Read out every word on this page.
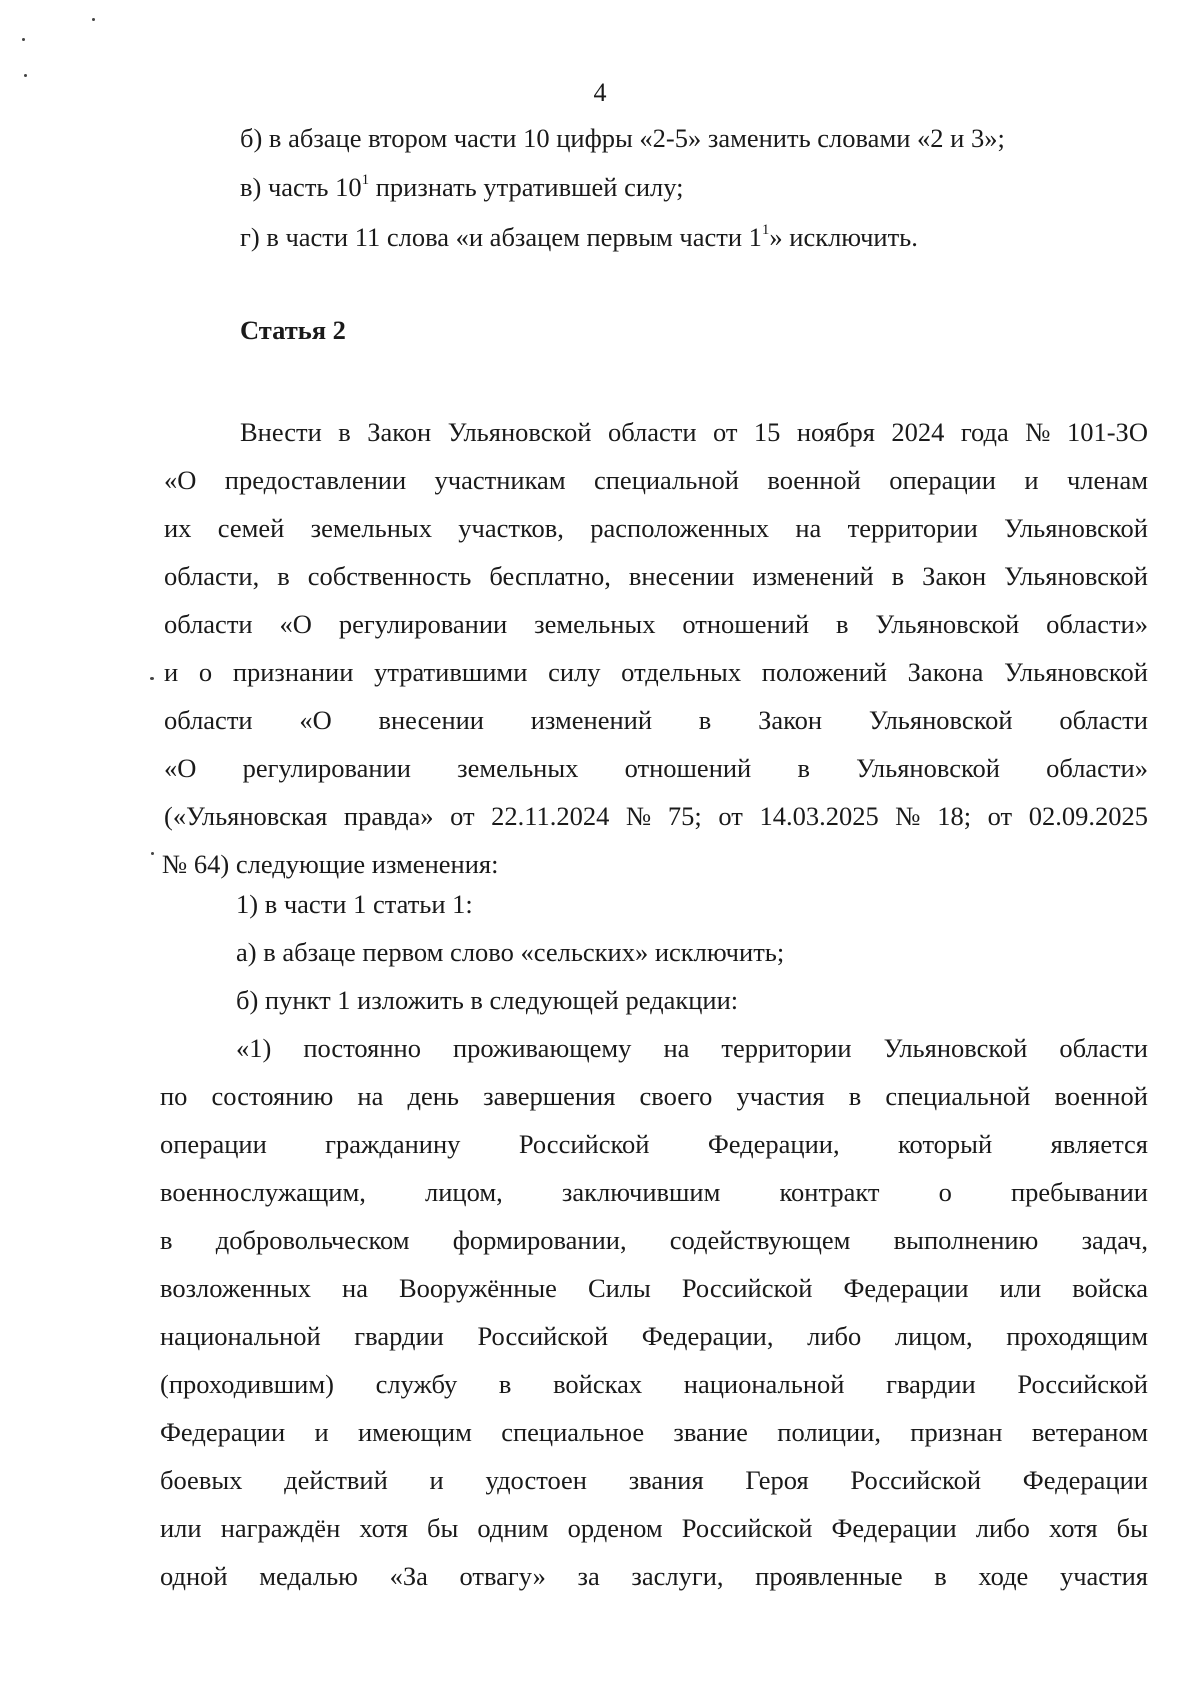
4
б) в абзаце втором части 10 цифры «2-5» заменить словами «2 и 3»;
в) часть $10^1$ признать утратившей силу;
г) в части 11 слова «и абзацем первым части $1^1$» исключить.
Статья 2
Внести в Закон Ульяновской области от 15 ноября 2024 года № 101-ЗО
«О предоставлении участникам специальной военной операции и членам
их семей земельных участков, расположенных на территории Ульяновской
области, в собственность бесплатно, внесении изменений в Закон Ульяновской
области «О регулировании земельных отношений в Ульяновской области»
и о признании утратившими силу отдельных положений Закона Ульяновской
области «О внесении изменений в Закон Ульяновской области
«О регулировании земельных отношений в Ульяновской области»
(«Ульяновская правда» от 22.11.2024 № 75; от 14.03.2025 № 18; от 02.09.2025
№ 64) следующие изменения:
1) в части 1 статьи 1:
а) в абзаце первом слово «сельских» исключить;
б) пункт 1 изложить в следующей редакции:
«1) постоянно проживающему на территории Ульяновской области
по состоянию на день завершения своего участия в специальной военной
операции гражданину Российской Федерации, который является
военнослужащим, лицом, заключившим контракт о пребывании
в добровольческом формировании, содействующем выполнению задач,
возложенных на Вооружённые Силы Российской Федерации или войска
национальной гвардии Российской Федерации, либо лицом, проходящим
(проходившим) службу в войсках национальной гвардии Российской
Федерации и имеющим специальное звание полиции, признан ветераном
боевых действий и удостоен звания Героя Российской Федерации
или награждён хотя бы одним орденом Российской Федерации либо хотя бы
одной медалью «За отвагу» за заслуги, проявленные в ходе участия
